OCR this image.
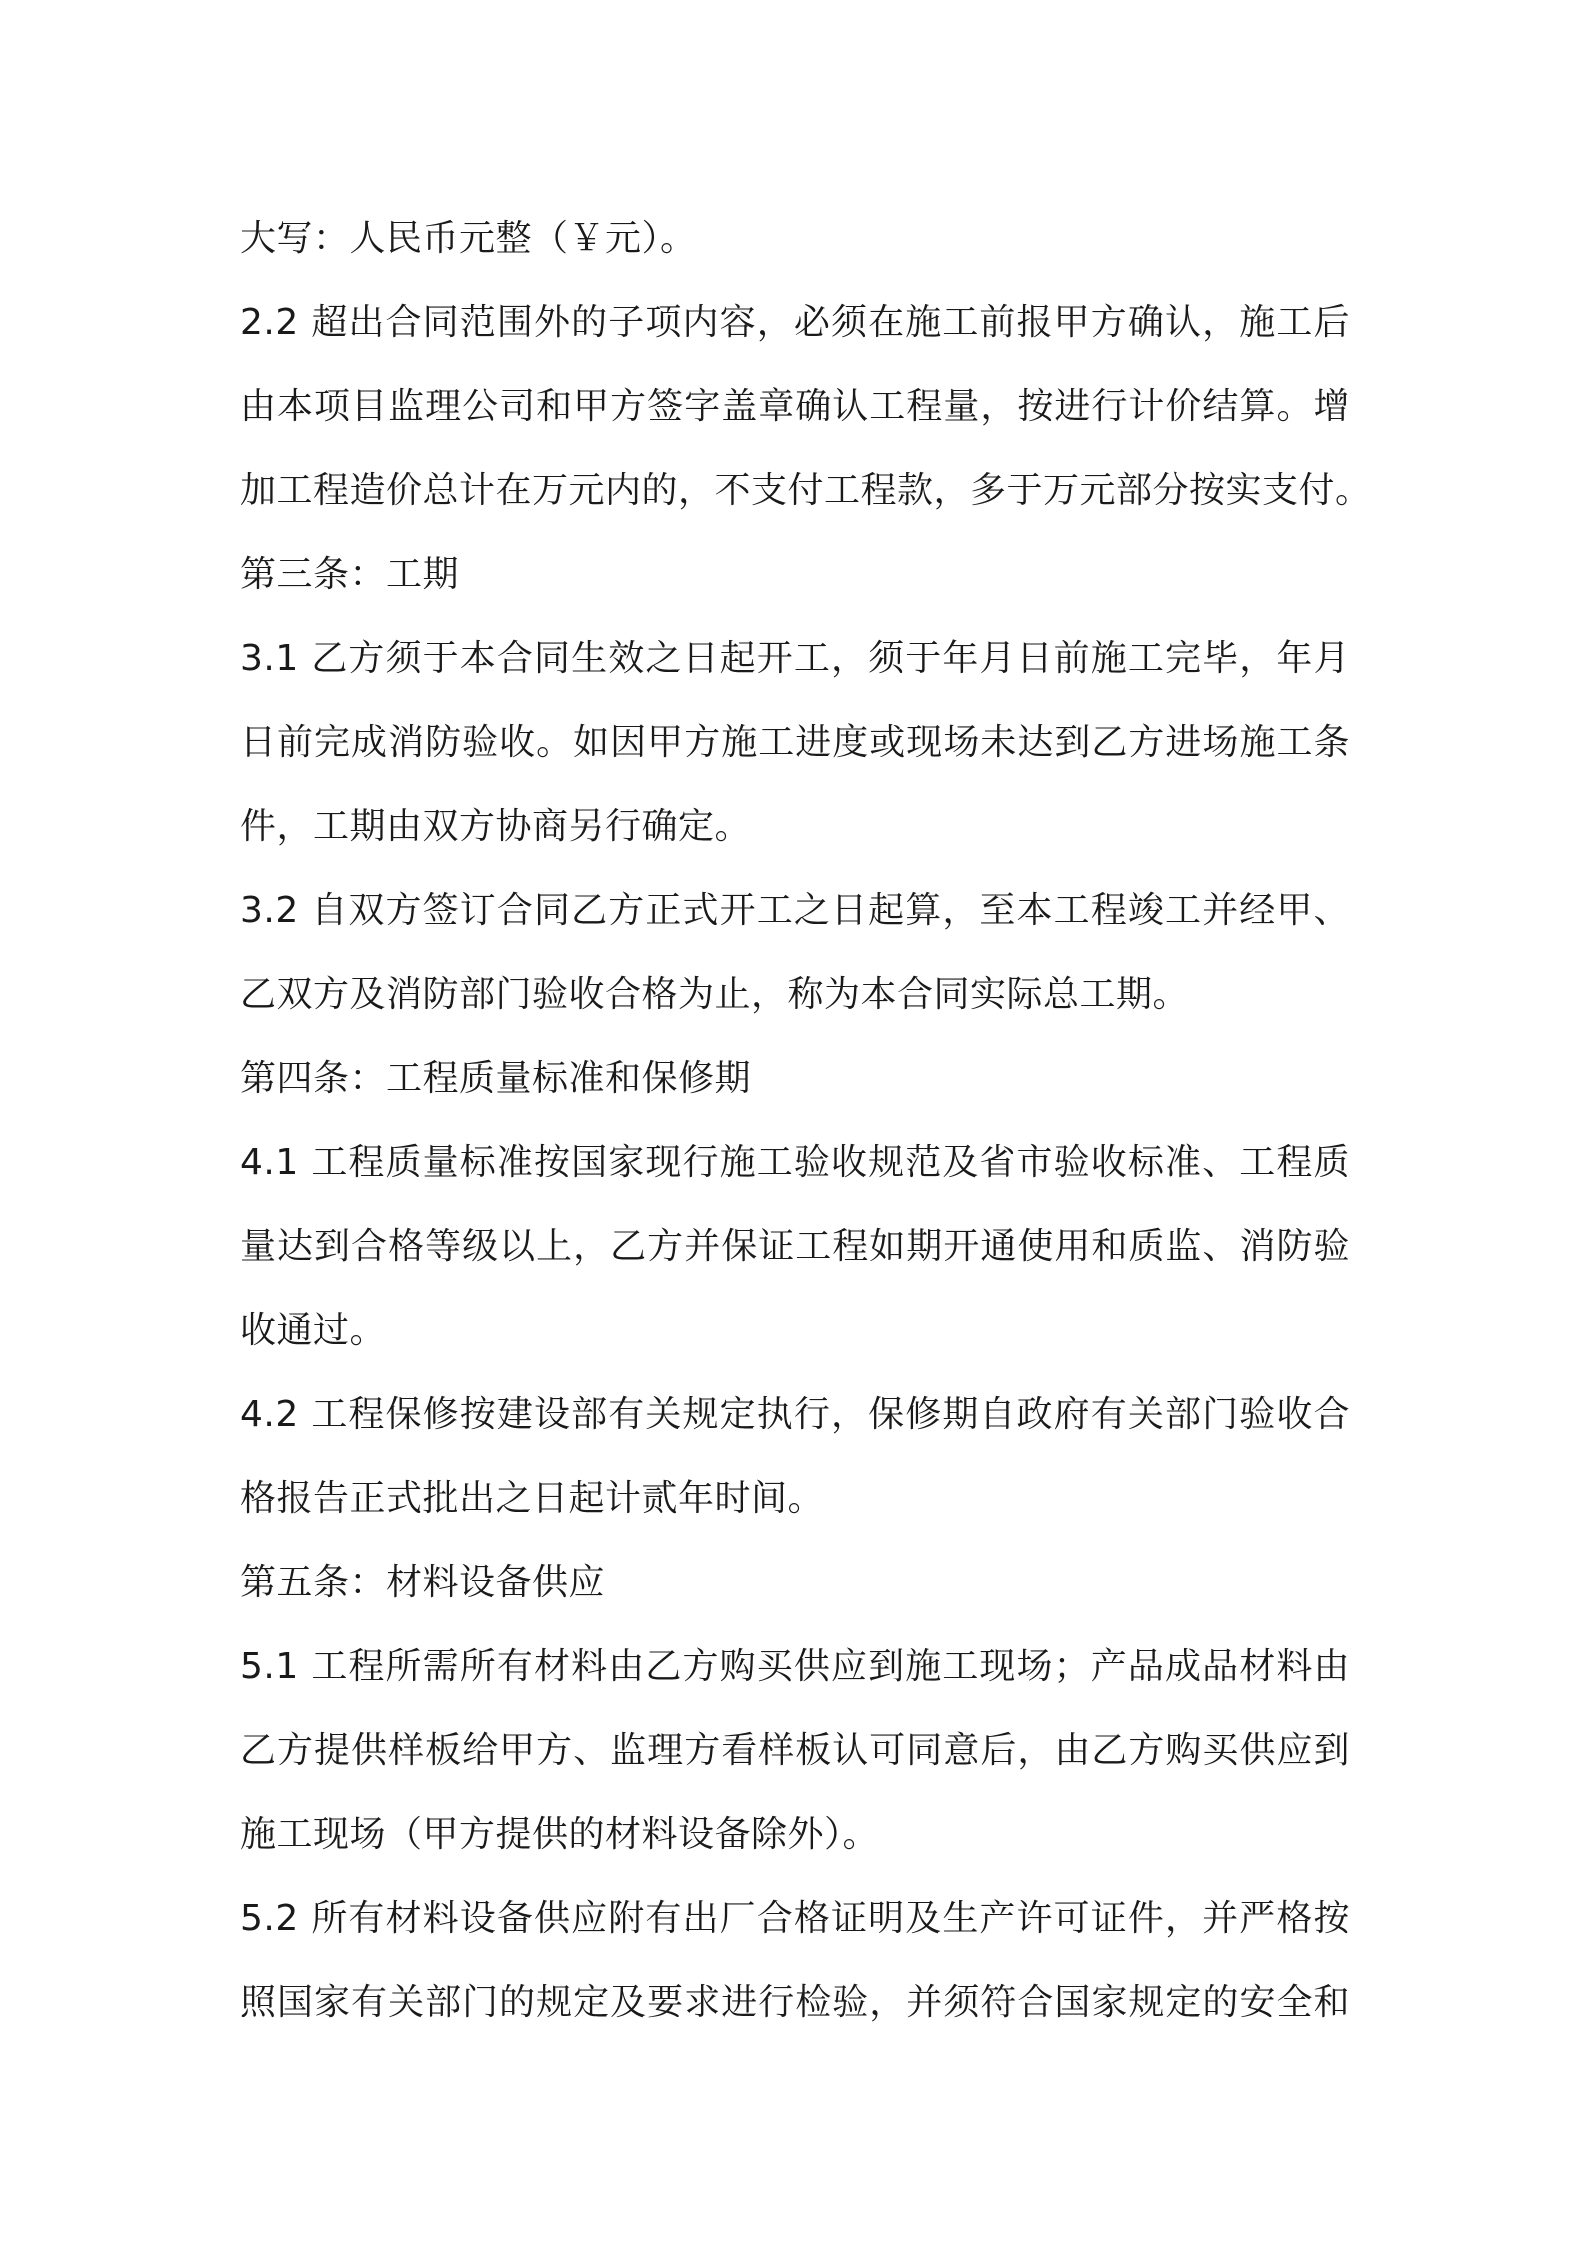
大写：人民币元整（￥元）。
2.2 超出合同范围外的子项内容，必须在施工前报甲方确认，施工后
由本项目监理公司和甲方签字盖章确认工程量，按进行计价结算。增
加工程造价总计在万元内的，不支付工程款，多于万元部分按实支付。
第三条：工期
3.1 乙方须于本合同生效之日起开工，须于年月日前施工完毕，年月
日前完成消防验收。如因甲方施工进度或现场未达到乙方进场施工条
件，工期由双方协商另行确定。
3.2 自双方签订合同乙方正式开工之日起算，至本工程竣工并经甲、
乙双方及消防部门验收合格为止，称为本合同实际总工期。
第四条：工程质量标准和保修期
4.1 工程质量标准按国家现行施工验收规范及省市验收标准、工程质
量达到合格等级以上，乙方并保证工程如期开通使用和质监、消防验
收通过。
4.2 工程保修按建设部有关规定执行，保修期自政府有关部门验收合
格报告正式批出之日起计贰年时间。
第五条：材料设备供应
5.1 工程所需所有材料由乙方购买供应到施工现场；产品成品材料由
乙方提供样板给甲方、监理方看样板认可同意后，由乙方购买供应到
施工现场（甲方提供的材料设备除外）。
5.2 所有材料设备供应附有出厂合格证明及生产许可证件，并严格按
照国家有关部门的规定及要求进行检验，并须符合国家规定的安全和
